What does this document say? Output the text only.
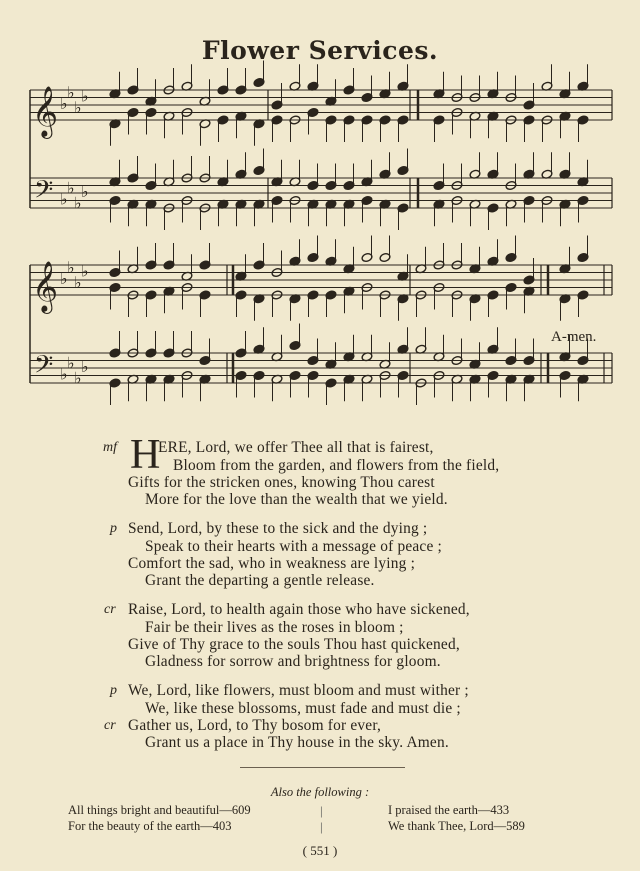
Flower Services.
𝄞
𝄢
♭
♭
♭
♭
♭
♭
♭
♭
𝄞
𝄢
♭
♭
♭
♭
♭
♭
♭
♭
A-men.
ERE, Lord, we offer Thee all that is fairest,
mf
Bloom from the garden, and flowers from the field,
Gifts for the stricken ones, knowing Thou carest
More for the love than the wealth that we yield.
Send, Lord, by these to the sick and the dying ;
p
Speak to their hearts with a message of peace ;
Comfort the sad, who in weakness are lying ;
Grant the departing a gentle release.
Raise, Lord, to health again those who have sickened,
cr
Fair be their lives as the roses in bloom ;
Give of Thy grace to the souls Thou hast quickened,
Gladness for sorrow and brightness for gloom.
We, Lord, like flowers, must bloom and must wither ;
p
We, like these blossoms, must fade and must die ;
Gather us, Lord, to Thy bosom for ever,
cr
Grant us a place in Thy house in the sky. Amen.
H
Also the following :
All things bright and beautiful—609
For the beauty of the earth—403
|
|
I praised the earth—433
We thank Thee, Lord—589
( 551 )
